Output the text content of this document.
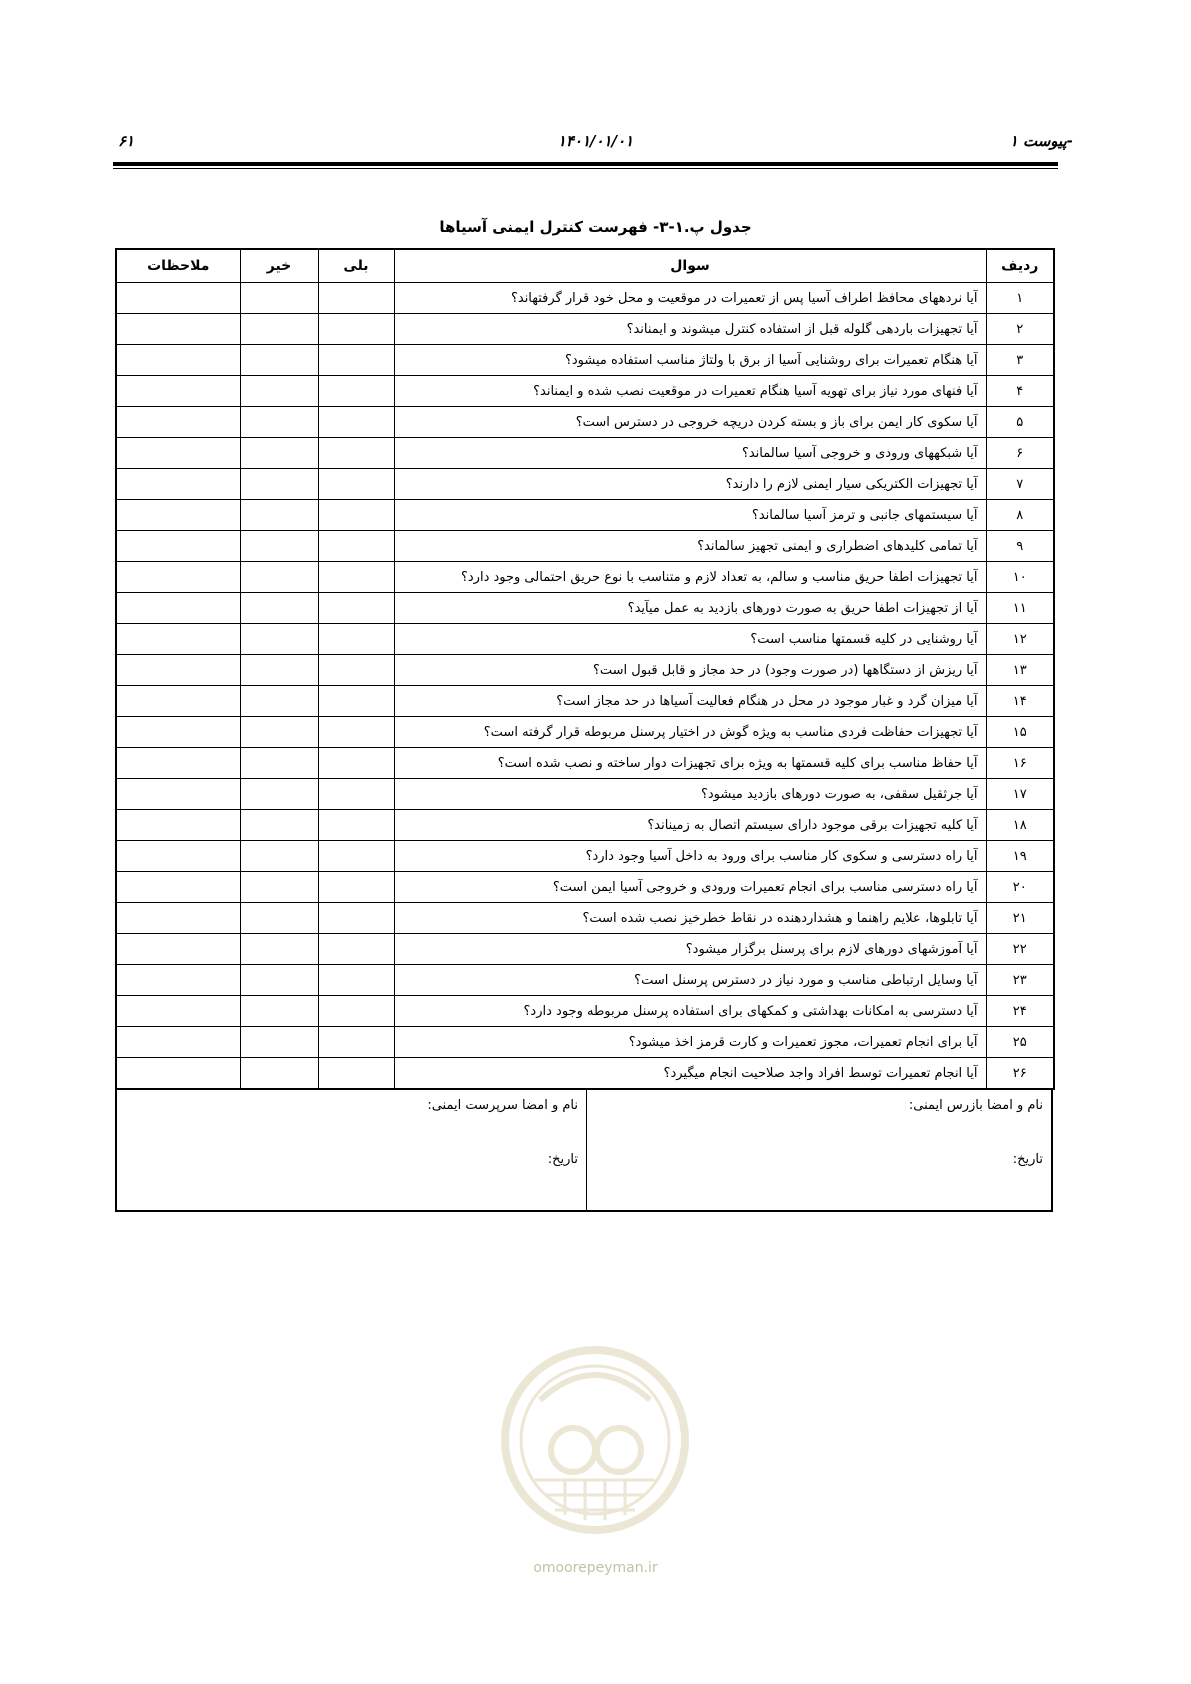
پیوست ۱-
۱۴۰۱/۰۱/۰۱
۶۱
جدول پ.۱-۳- فهرست کنترل ایمنی آسیاها
ردیف	سوال	بلی	خیر	ملاحظات
۱	آیا نردههای محافظ اطراف آسیا پس از تعمیرات در موقعیت و محل خود قرار گرفتهاند؟			
۲	آیا تجهیزات باردهی گلوله قبل از استفاده کنترل میشوند و ایمناند؟			
۳	آیا هنگام تعمیرات برای روشنایی آسیا از برق با ولتاژ مناسب استفاده میشود؟			
۴	آیا فنهای مورد نیاز برای تهویه آسیا هنگام تعمیرات در موقعیت نصب شده و ایمناند؟			
۵	آیا سکوی کار ایمن برای باز و بسته کردن دریچه خروجی در دسترس است؟			
۶	آیا شبکههای ورودی و خروجی آسیا سالماند؟			
۷	آیا تجهیزات الکتریکی سیار ایمنی لازم را دارند؟			
۸	آیا سیستمهای جانبی و ترمز آسیا سالماند؟			
۹	آیا تمامی کلیدهای اضطراری و ایمنی تجهیز سالماند؟			
۱۰	آیا تجهیزات اطفا حریق مناسب و سالم، به تعداد لازم و متناسب با نوع حریق احتمالی وجود دارد؟			
۱۱	آیا از تجهیزات اطفا حریق به صورت دورهای بازدید به عمل میآید؟			
۱۲	آیا روشنایی در کلیه قسمتها مناسب است؟			
۱۳	آیا ریزش از دستگاهها (در صورت وجود) در حد مجاز و قابل قبول است؟			
۱۴	آیا میزان گرد و غبار موجود در محل در هنگام فعالیت آسیاها در حد مجاز است؟			
۱۵	آیا تجهیزات حفاظت فردی مناسب به ویژه گوش در اختیار پرسنل مربوطه قرار گرفته است؟			
۱۶	آیا حفاظ مناسب برای کلیه قسمتها به ویژه برای تجهیزات دوار ساخته و نصب شده است؟			
۱۷	آیا جرثقیل سقفی، به صورت دورهای بازدید میشود؟			
۱۸	آیا کلیه تجهیزات برقی موجود دارای سیستم اتصال به زمیناند؟			
۱۹	آیا راه دسترسی و سکوی کار مناسب برای ورود به داخل آسیا وجود دارد؟			
۲۰	آیا راه دسترسی مناسب برای انجام تعمیرات ورودی و خروجی آسیا ایمن است؟			
۲۱	آیا تابلوها، علایم راهنما و هشداردهنده در نقاط خطرخیز نصب شده است؟			
۲۲	آیا آموزشهای دورهای لازم برای پرسنل برگزار میشود؟			
۲۳	آیا وسایل ارتباطی مناسب و مورد نیاز در دسترس پرسنل است؟			
۲۴	آیا دسترسی به امکانات بهداشتی و کمکهای برای استفاده پرسنل مربوطه وجود دارد؟			
۲۵	آیا برای انجام تعمیرات، مجوز تعمیرات و کارت قرمز اخذ میشود؟			
۲۶	آیا انجام تعمیرات توسط افراد واجد صلاحیت انجام میگیرد؟			
نام و امضا بازرس ایمنی:
تاریخ:
نام و امضا سرپرست ایمنی:
تاریخ:
omoorepeyman.ir
